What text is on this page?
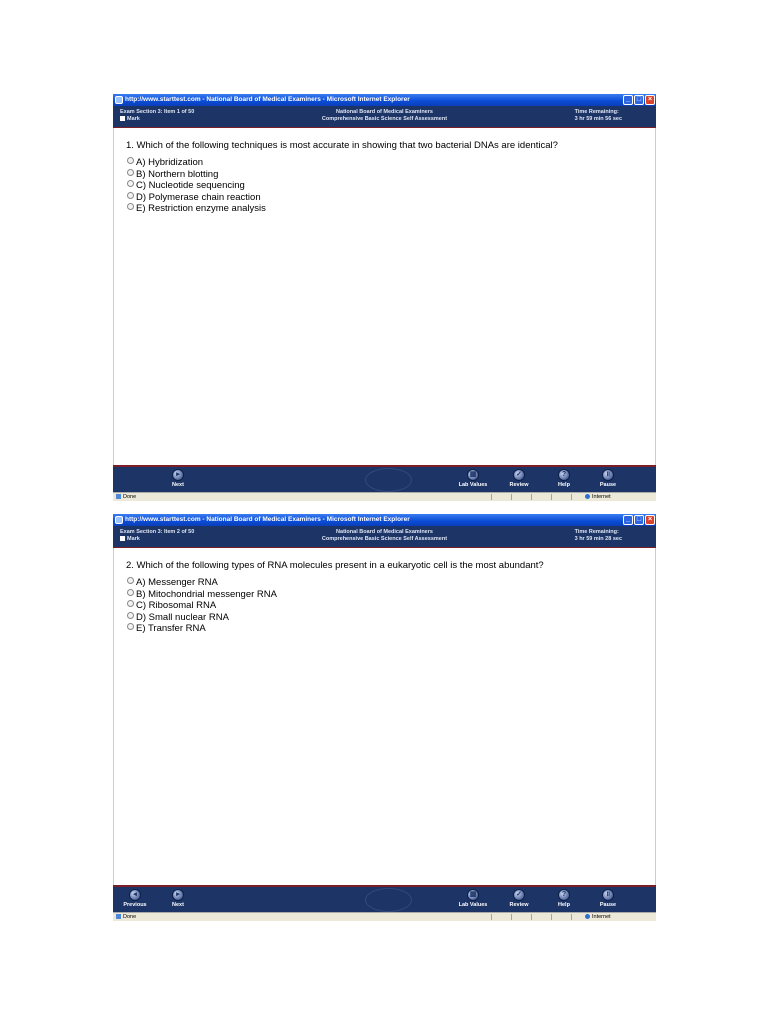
http://www.starttest.com - National Board of Medical Examiners - Microsoft Internet Explorer	_ □ ×
Exam Section 3: Item 1 of 50
Mark
National Board of Medical Examiners
Comprehensive Basic Science Self Assessment
Time Remaining:
3 hr 59 min 56 sec
1. Which of the following techniques is most accurate in showing that two bacterial DNAs are identical?
A) Hybridization
B) Northern blotting
C) Nucleotide sequencing
D) Polymerase chain reaction
E) Restriction enzyme analysis
▸
Next
▦
Lab Values
✓
Review
?
Help
॥
Pause
Done	Internet
http://www.starttest.com - National Board of Medical Examiners - Microsoft Internet Explorer	_ □ ×
Exam Section 3: Item 2 of 50
Mark
National Board of Medical Examiners
Comprehensive Basic Science Self Assessment
Time Remaining:
3 hr 59 min 28 sec
2. Which of the following types of RNA molecules present in a eukaryotic cell is the most abundant?
A) Messenger RNA
B) Mitochondrial messenger RNA
C) Ribosomal RNA
D) Small nuclear RNA
E) Transfer RNA
◂
Previous
▸
Next
▦
Lab Values
✓
Review
?
Help
॥
Pause
Done	Internet
